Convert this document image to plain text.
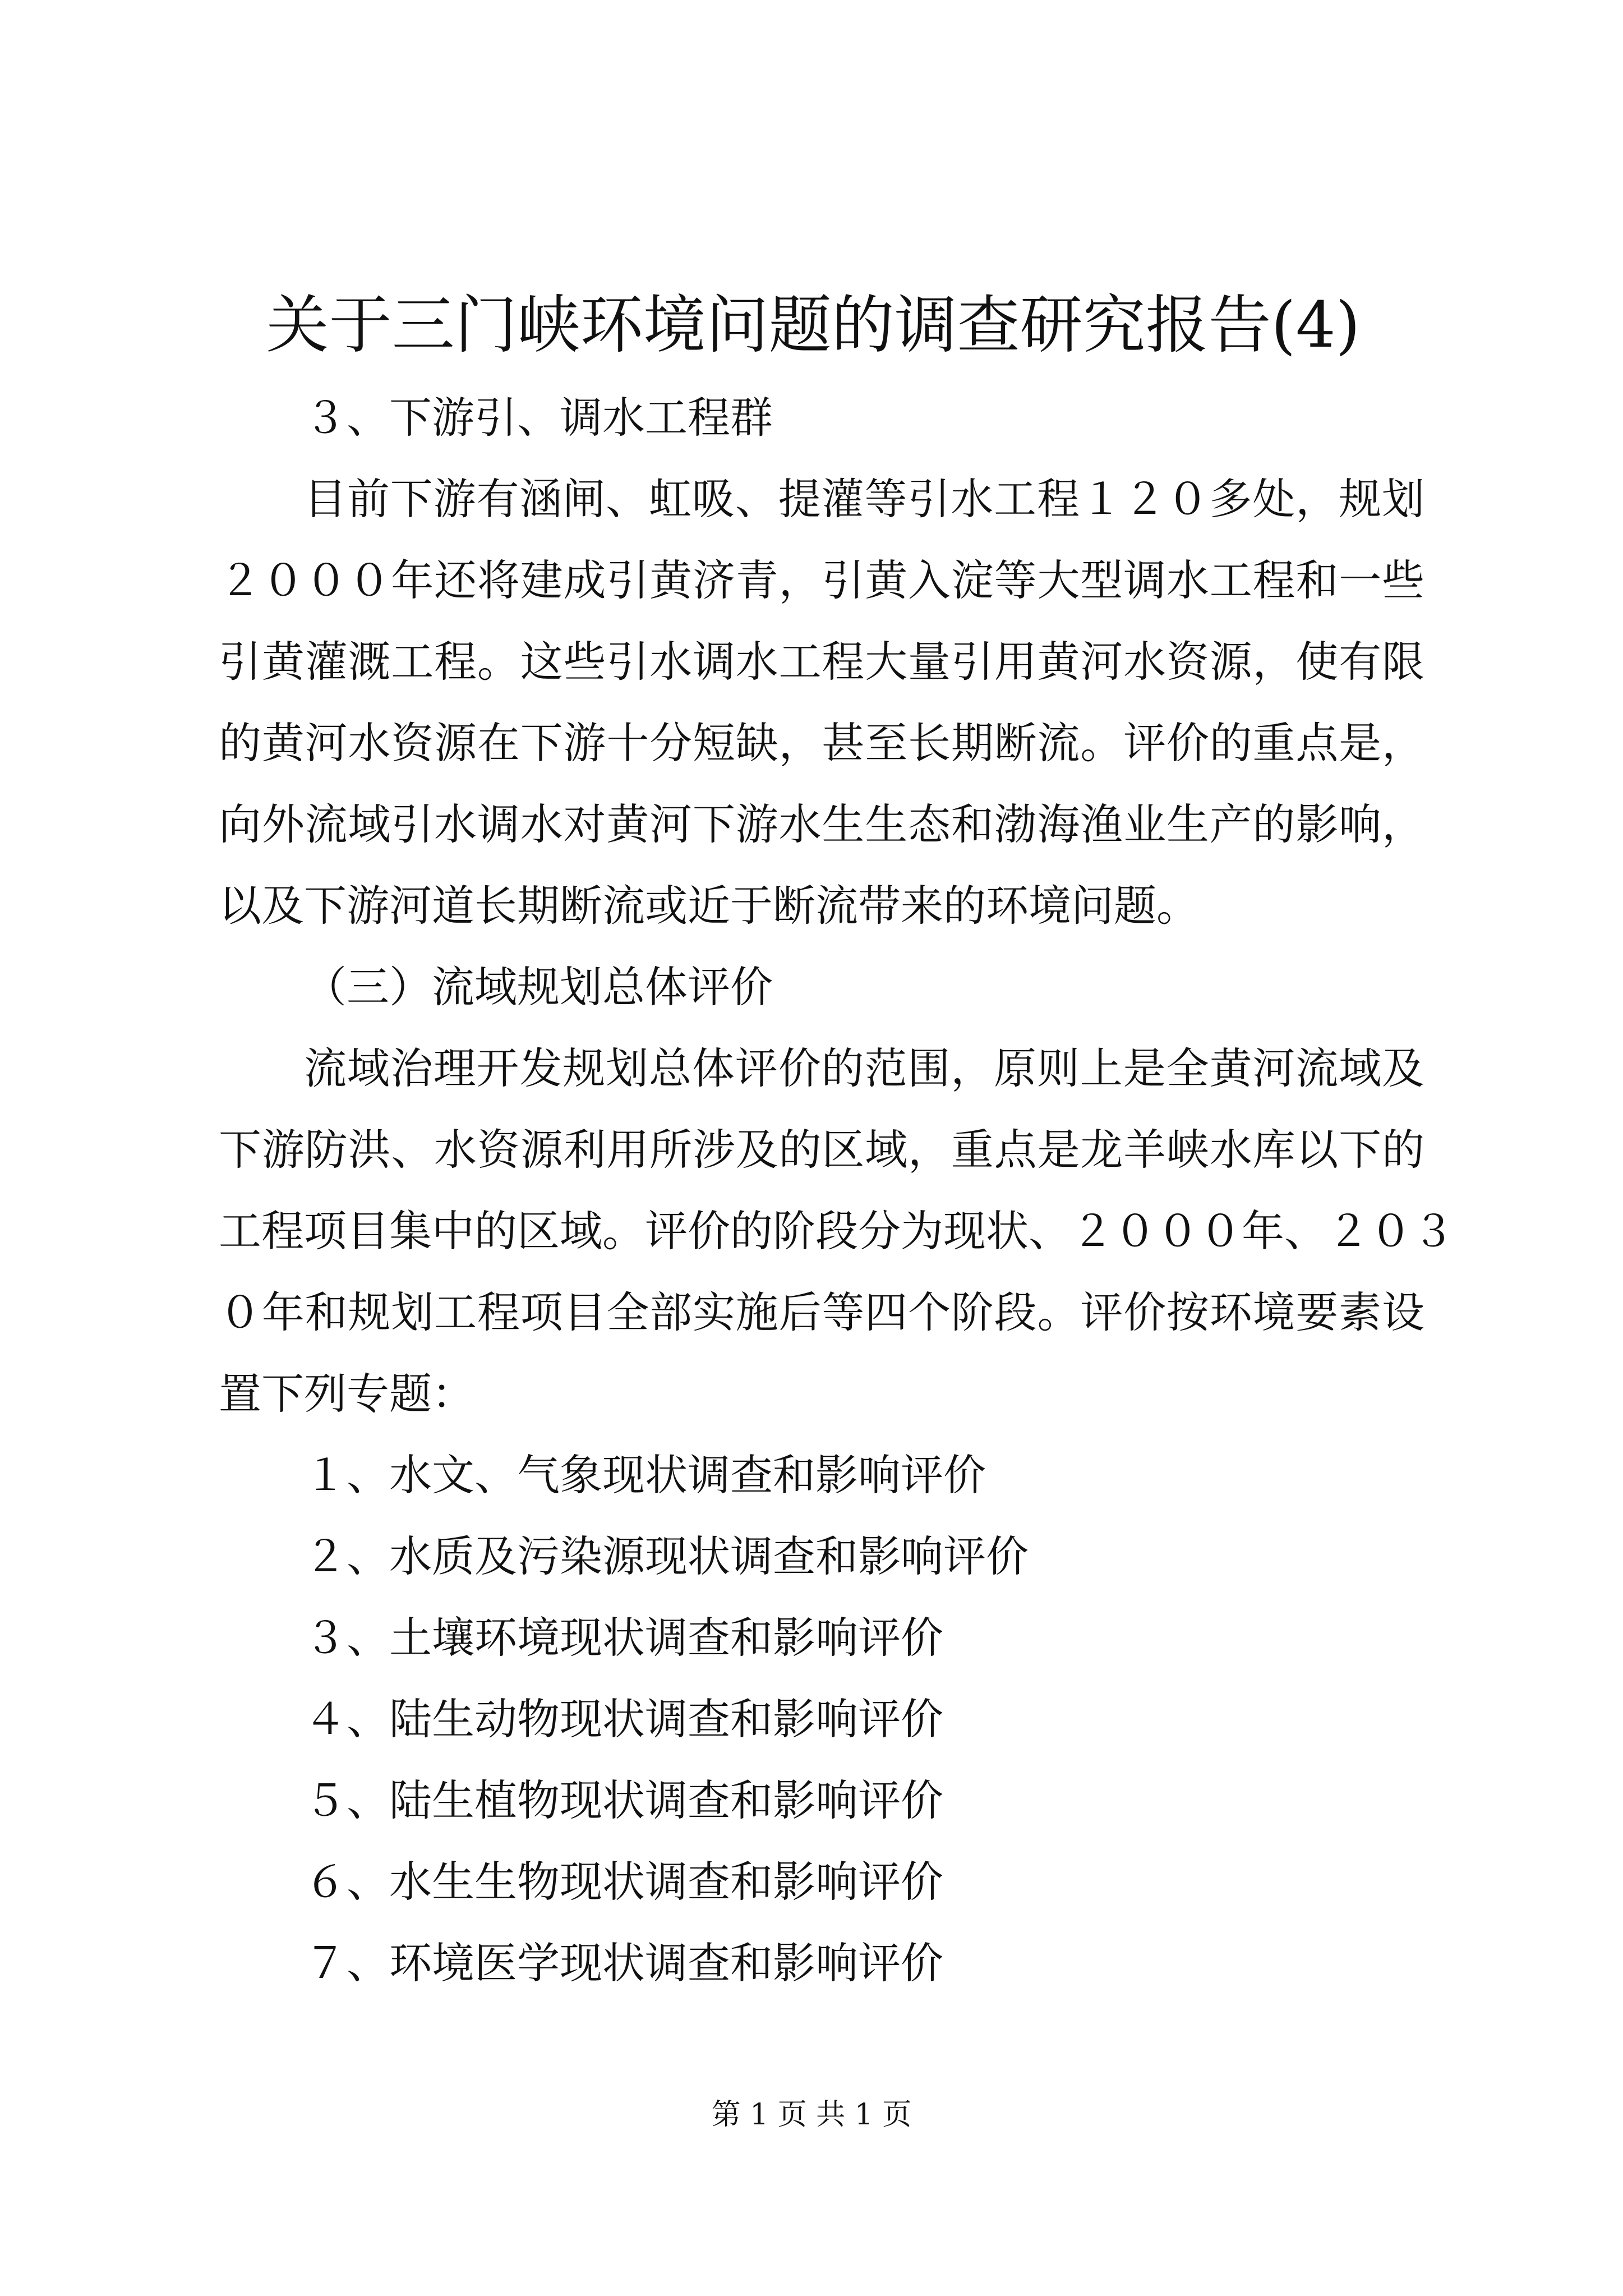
关于三门峡环境问题的调查研究报告(4)
３、下游引、调水工程群
目前下游有涵闸、虹吸、提灌等引水工程１２０多处，规划
２０００年还将建成引黄济青，引黄入淀等大型调水工程和一些
引黄灌溉工程。这些引水调水工程大量引用黄河水资源，使有限
的黄河水资源在下游十分短缺，甚至长期断流。评价的重点是，
向外流域引水调水对黄河下游水生生态和渤海渔业生产的影响，
以及下游河道长期断流或近于断流带来的环境问题。
（三）流域规划总体评价
流域治理开发规划总体评价的范围，原则上是全黄河流域及
下游防洪、水资源利用所涉及的区域，重点是龙羊峡水库以下的
工程项目集中的区域。评价的阶段分为现状、２０００年、２０３
０年和规划工程项目全部实施后等四个阶段。评价按环境要素设
置下列专题：
１、水文、气象现状调查和影响评价
２、水质及污染源现状调查和影响评价
３、土壤环境现状调查和影响评价
４、陆生动物现状调查和影响评价
５、陆生植物现状调查和影响评价
６、水生生物现状调查和影响评价
７、环境医学现状调查和影响评价
第 1 页 共 1 页
